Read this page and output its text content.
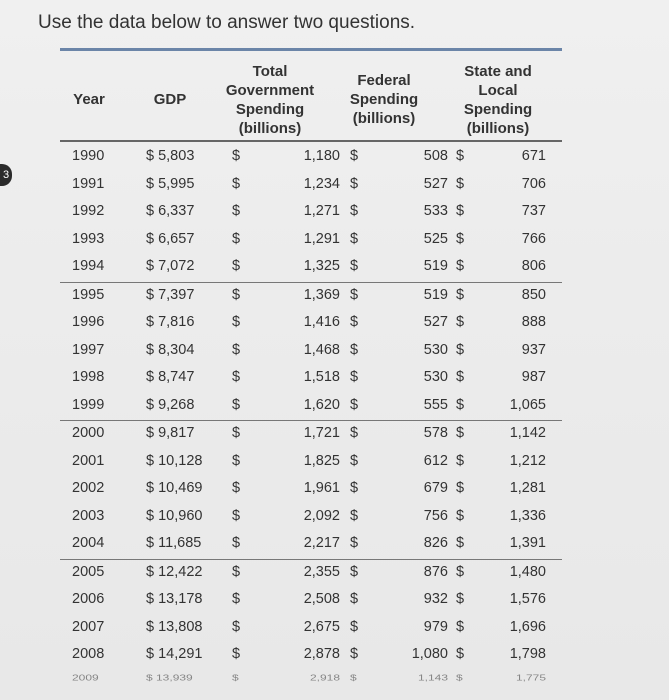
3
Use the data below to answer two questions.
Year	GDP
Total
Government
Spending
(billions)
Federal
Spending
(billions)
State and
Local
Spending
(billions)
1990	$ 5,803	$	1,180 $	508 $	671
1991	$ 5,995	$	1,234 $	527 $	706
1992	$ 6,337	$	1,271 $	533 $	737
1993	$ 6,657	$	1,291 $	525 $	766
1994	$ 7,072	$	1,325 $	519 $	806
1995	$ 7,397	$	1,369 $	519 $	850
1996	$ 7,816	$	1,416 $	527 $	888
1997	$ 8,304	$	1,468 $	530 $	937
1998	$ 8,747	$	1,518 $	530 $	987
1999	$ 9,268	$	1,620 $	555 $	1,065
2000	$ 9,817	$	1,721 $	578 $	1,142
2001	$ 10,128 $	1,825 $	612 $	1,212
2002	$ 10,469 $	1,961 $	679 $	1,281
2003	$ 10,960 $	2,092 $	756 $	1,336
2004	$ 11,685 $	2,217 $	826 $	1,391
2005	$ 12,422 $	2,355 $	876 $	1,480
2006	$ 13,178 $	2,508 $	932 $	1,576
2007	$ 13,808 $	2,675 $	979 $	1,696
2008	$ 14,291 $	2,878 $	1,080 $	1,798
2009	$ 13,939	$	2,918 $	1,143 $	1,775
